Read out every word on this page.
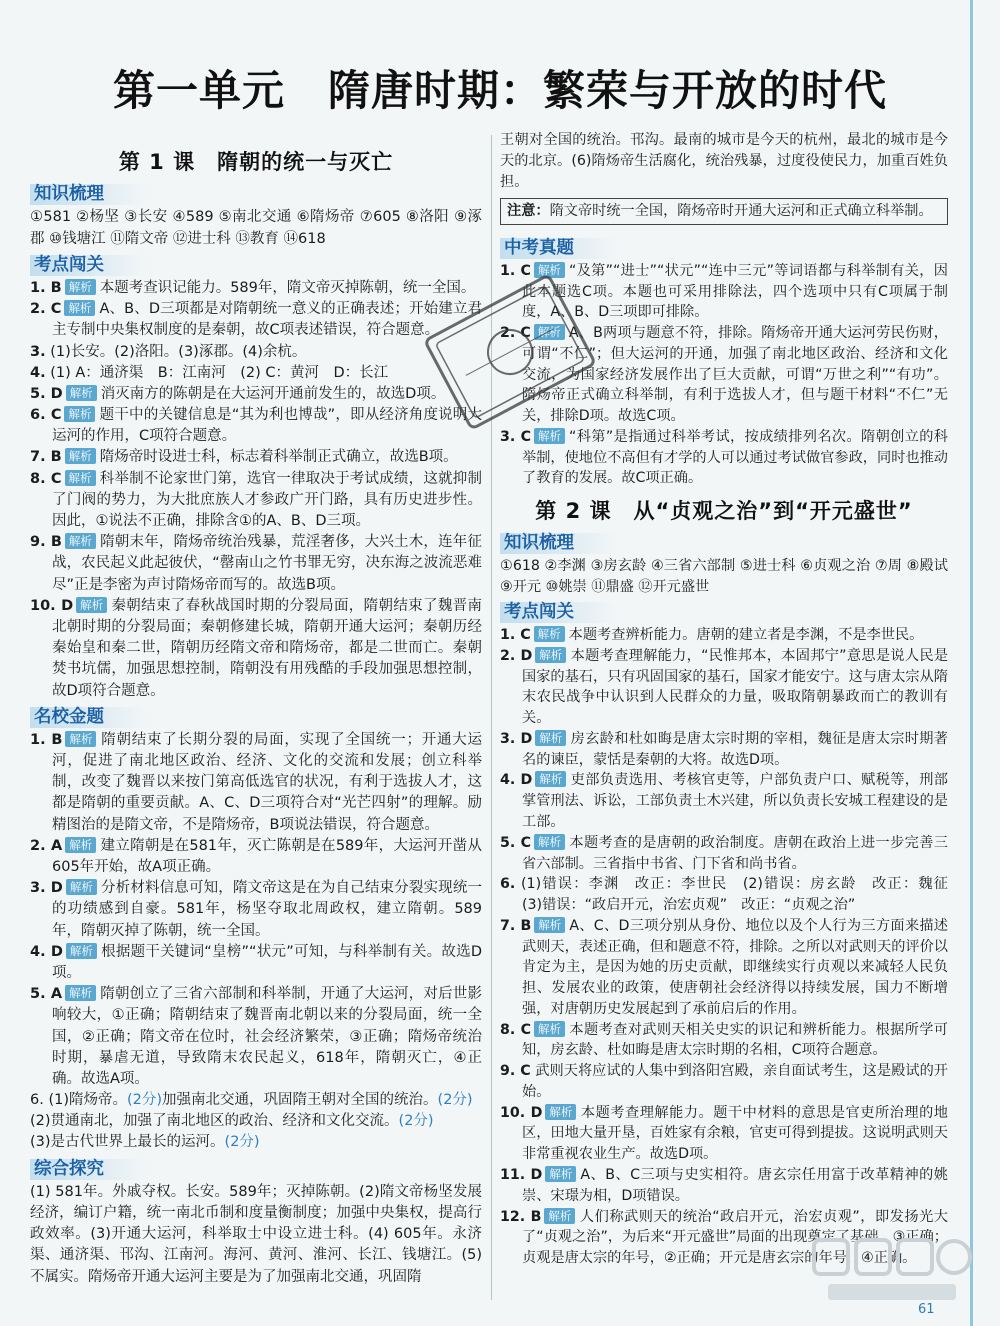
第一单元　隋唐时期：繁荣与开放的时代
第 1 课　隋朝的统一与灭亡
知识梳理

①581 ②杨坚 ③长安 ④589 ⑤南北交通 ⑥隋炀帝 ⑦605 ⑧洛阳 ⑨涿郡 ⑩钱塘江 ⑪隋文帝 ⑫进士科 ⑬教育 ⑭618

考点闯关

1. B 解析 本题考查识记能力。589年，隋文帝灭掉陈朝，统一全国。

2. C 解析 A、B、D三项都是对隋朝统一意义的正确表述；开始建立君主专制中央集权制度的是秦朝，故C项表述错误，符合题意。

3. (1)长安。(2)洛阳。(3)涿郡。(4)余杭。

4. (1) A：通济渠　B：江南河　(2) C：黄河　D：长江

5. D 解析 消灭南方的陈朝是在大运河开通前发生的，故选D项。

6. C 解析 题干中的关键信息是“其为利也博哉”，即从经济角度说明大运河的作用，C项符合题意。

7. B 解析 隋炀帝时设进士科，标志着科举制正式确立，故选B项。

8. C 解析 科举制不论家世门第，选官一律取决于考试成绩，这就抑制了门阀的势力，为大批庶族人才参政广开门路，具有历史进步性。因此，①说法不正确，排除含①的A、B、D三项。

9. B 解析 隋朝末年，隋炀帝统治残暴，荒淫奢侈，大兴土木，连年征战，农民起义此起彼伏，“罄南山之竹书罪无穷，决东海之波流恶难尽”正是李密为声讨隋炀帝而写的。故选B项。

10. D 解析 秦朝结束了春秋战国时期的分裂局面，隋朝结束了魏晋南北朝时期的分裂局面；秦朝修建长城，隋朝开通大运河；秦朝历经秦始皇和秦二世，隋朝历经隋文帝和隋炀帝，都是二世而亡。秦朝焚书坑儒，加强思想控制，隋朝没有用残酷的手段加强思想控制，故D项符合题意。

名校金题

1. B 解析 隋朝结束了长期分裂的局面，实现了全国统一；开通大运河，促进了南北地区政治、经济、文化的交流和发展；创立科举制，改变了魏晋以来按门第高低选官的状况，有利于选拔人才，这都是隋朝的重要贡献。A、C、D三项符合对“光芒四射”的理解。励精图治的是隋文帝，不是隋炀帝，B项说法错误，符合题意。

2. A 解析 建立隋朝是在581年，灭亡陈朝是在589年，大运河开凿从605年开始，故A项正确。

3. D 解析 分析材料信息可知，隋文帝这是在为自己结束分裂实现统一的功绩感到自豪。581年，杨坚夺取北周政权，建立隋朝。589年，隋朝灭掉了陈朝，统一全国。

4. D 解析 根据题干关键词“皇榜”“状元”可知，与科举制有关。故选D项。

5. A 解析 隋朝创立了三省六部制和科举制，开通了大运河，对后世影响较大，①正确；隋朝结束了魏晋南北朝以来的分裂局面，统一全国，②正确；隋文帝在位时，社会经济繁荣，③正确；隋炀帝统治时期，暴虐无道，导致隋末农民起义，618年，隋朝灭亡，④正确。故选A项。

6. (1)隋炀帝。(2分)加强南北交通，巩固隋王朝对全国的统治。(2分)

(2)贯通南北，加强了南北地区的政治、经济和文化交流。(2分)

(3)是古代世界上最长的运河。(2分)

综合探究

(1) 581年。外戚夺权。长安。589年；灭掉陈朝。(2)隋文帝杨坚发展经济，编订户籍，统一南北币制和度量衡制度；加强中央集权，提高行政效率。(3)开通大运河，科举取士中设立进士科。(4) 605年。永济渠、通济渠、邗沟、江南河。海河、黄河、淮河、长江、钱塘江。(5)不属实。隋炀帝开通大运河主要是为了加强南北交通，巩固隋

王朝对全国的统治。邗沟。最南的城市是今天的杭州，最北的城市是今天的北京。(6)隋炀帝生活腐化，统治残暴，过度役使民力，加重百姓负担。

注意：隋文帝时统一全国，隋炀帝时开通大运河和正式确立科举制。
中考真题

1. C 解析 “及第”“进士”“状元”“连中三元”等词语都与科举制有关，因此本题选C项。本题也可采用排除法，四个选项中只有C项属于制度，A、B、D三项即可排除。

2. C 解析 A、B两项与题意不符，排除。隋炀帝开通大运河劳民伤财，可谓“不仁”；但大运河的开通，加强了南北地区政治、经济和文化交流，为国家经济发展作出了巨大贡献，可谓“万世之利”“有功”。隋炀帝正式确立科举制，有利于选拔人才，但与题干材料“不仁”无关，排除D项。故选C项。

3. C 解析 “科第”是指通过科举考试，按成绩排列名次。隋朝创立的科举制，使地位不高但有才学的人可以通过考试做官参政，同时也推动了教育的发展。故C项正确。

第 2 课　从“贞观之治”到“开元盛世”
知识梳理

①618 ②李渊 ③房玄龄 ④三省六部制 ⑤进士科 ⑥贞观之治 ⑦周 ⑧殿试 ⑨开元 ⑩姚崇 ⑪鼎盛 ⑫开元盛世

考点闯关

1. C 解析 本题考查辨析能力。唐朝的建立者是李渊，不是李世民。

2. D 解析 本题考查理解能力，“民惟邦本，本固邦宁”意思是说人民是国家的基石，只有巩固国家的基石，国家才能安宁。这与唐太宗从隋末农民战争中认识到人民群众的力量，吸取隋朝暴政而亡的教训有关。

3. D 解析 房玄龄和杜如晦是唐太宗时期的宰相，魏征是唐太宗时期著名的谏臣，蒙恬是秦朝的大将。故选D项。

4. D 解析 吏部负责选用、考核官吏等，户部负责户口、赋税等，刑部掌管刑法、诉讼，工部负责土木兴建，所以负责长安城工程建设的是工部。

5. C 解析 本题考查的是唐朝的政治制度。唐朝在政治上进一步完善三省六部制。三省指中书省、门下省和尚书省。

6. (1)错误：李渊　改正：李世民　(2)错误：房玄龄　改正：魏征　(3)错误：“政启开元，治宏贞观”　改正：“贞观之治”

7. B 解析 A、C、D三项分别从身份、地位以及个人行为三方面来描述武则天，表述正确，但和题意不符，排除。之所以对武则天的评价以肯定为主，是因为她的历史贡献，即继续实行贞观以来减轻人民负担、发展农业的政策，使唐朝社会经济得以持续发展，国力不断增强，对唐朝历史发展起到了承前启后的作用。

8. C 解析 本题考查对武则天相关史实的识记和辨析能力。根据所学可知，房玄龄、杜如晦是唐太宗时期的名相，C项符合题意。

9. C 武则天将应试的人集中到洛阳宫殿，亲自面试考生，这是殿试的开始。

10. D 解析 本题考查理解能力。题干中材料的意思是官吏所治理的地区，田地大量开垦，百姓家有余粮，官吏可得到提拔。这说明武则天非常重视农业生产。故选D项。

11. D 解析 A、B、C三项与史实相符。唐玄宗任用富于改革精神的姚崇、宋璟为相，D项错误。

12. B 解析 人们称武则天的统治“政启开元，治宏贞观”，即发扬光大了“贞观之治”，为后来“开元盛世”局面的出现奠定了基础。③正确；贞观是唐太宗的年号，②正确；开元是唐玄宗的年号，④正确。

61
